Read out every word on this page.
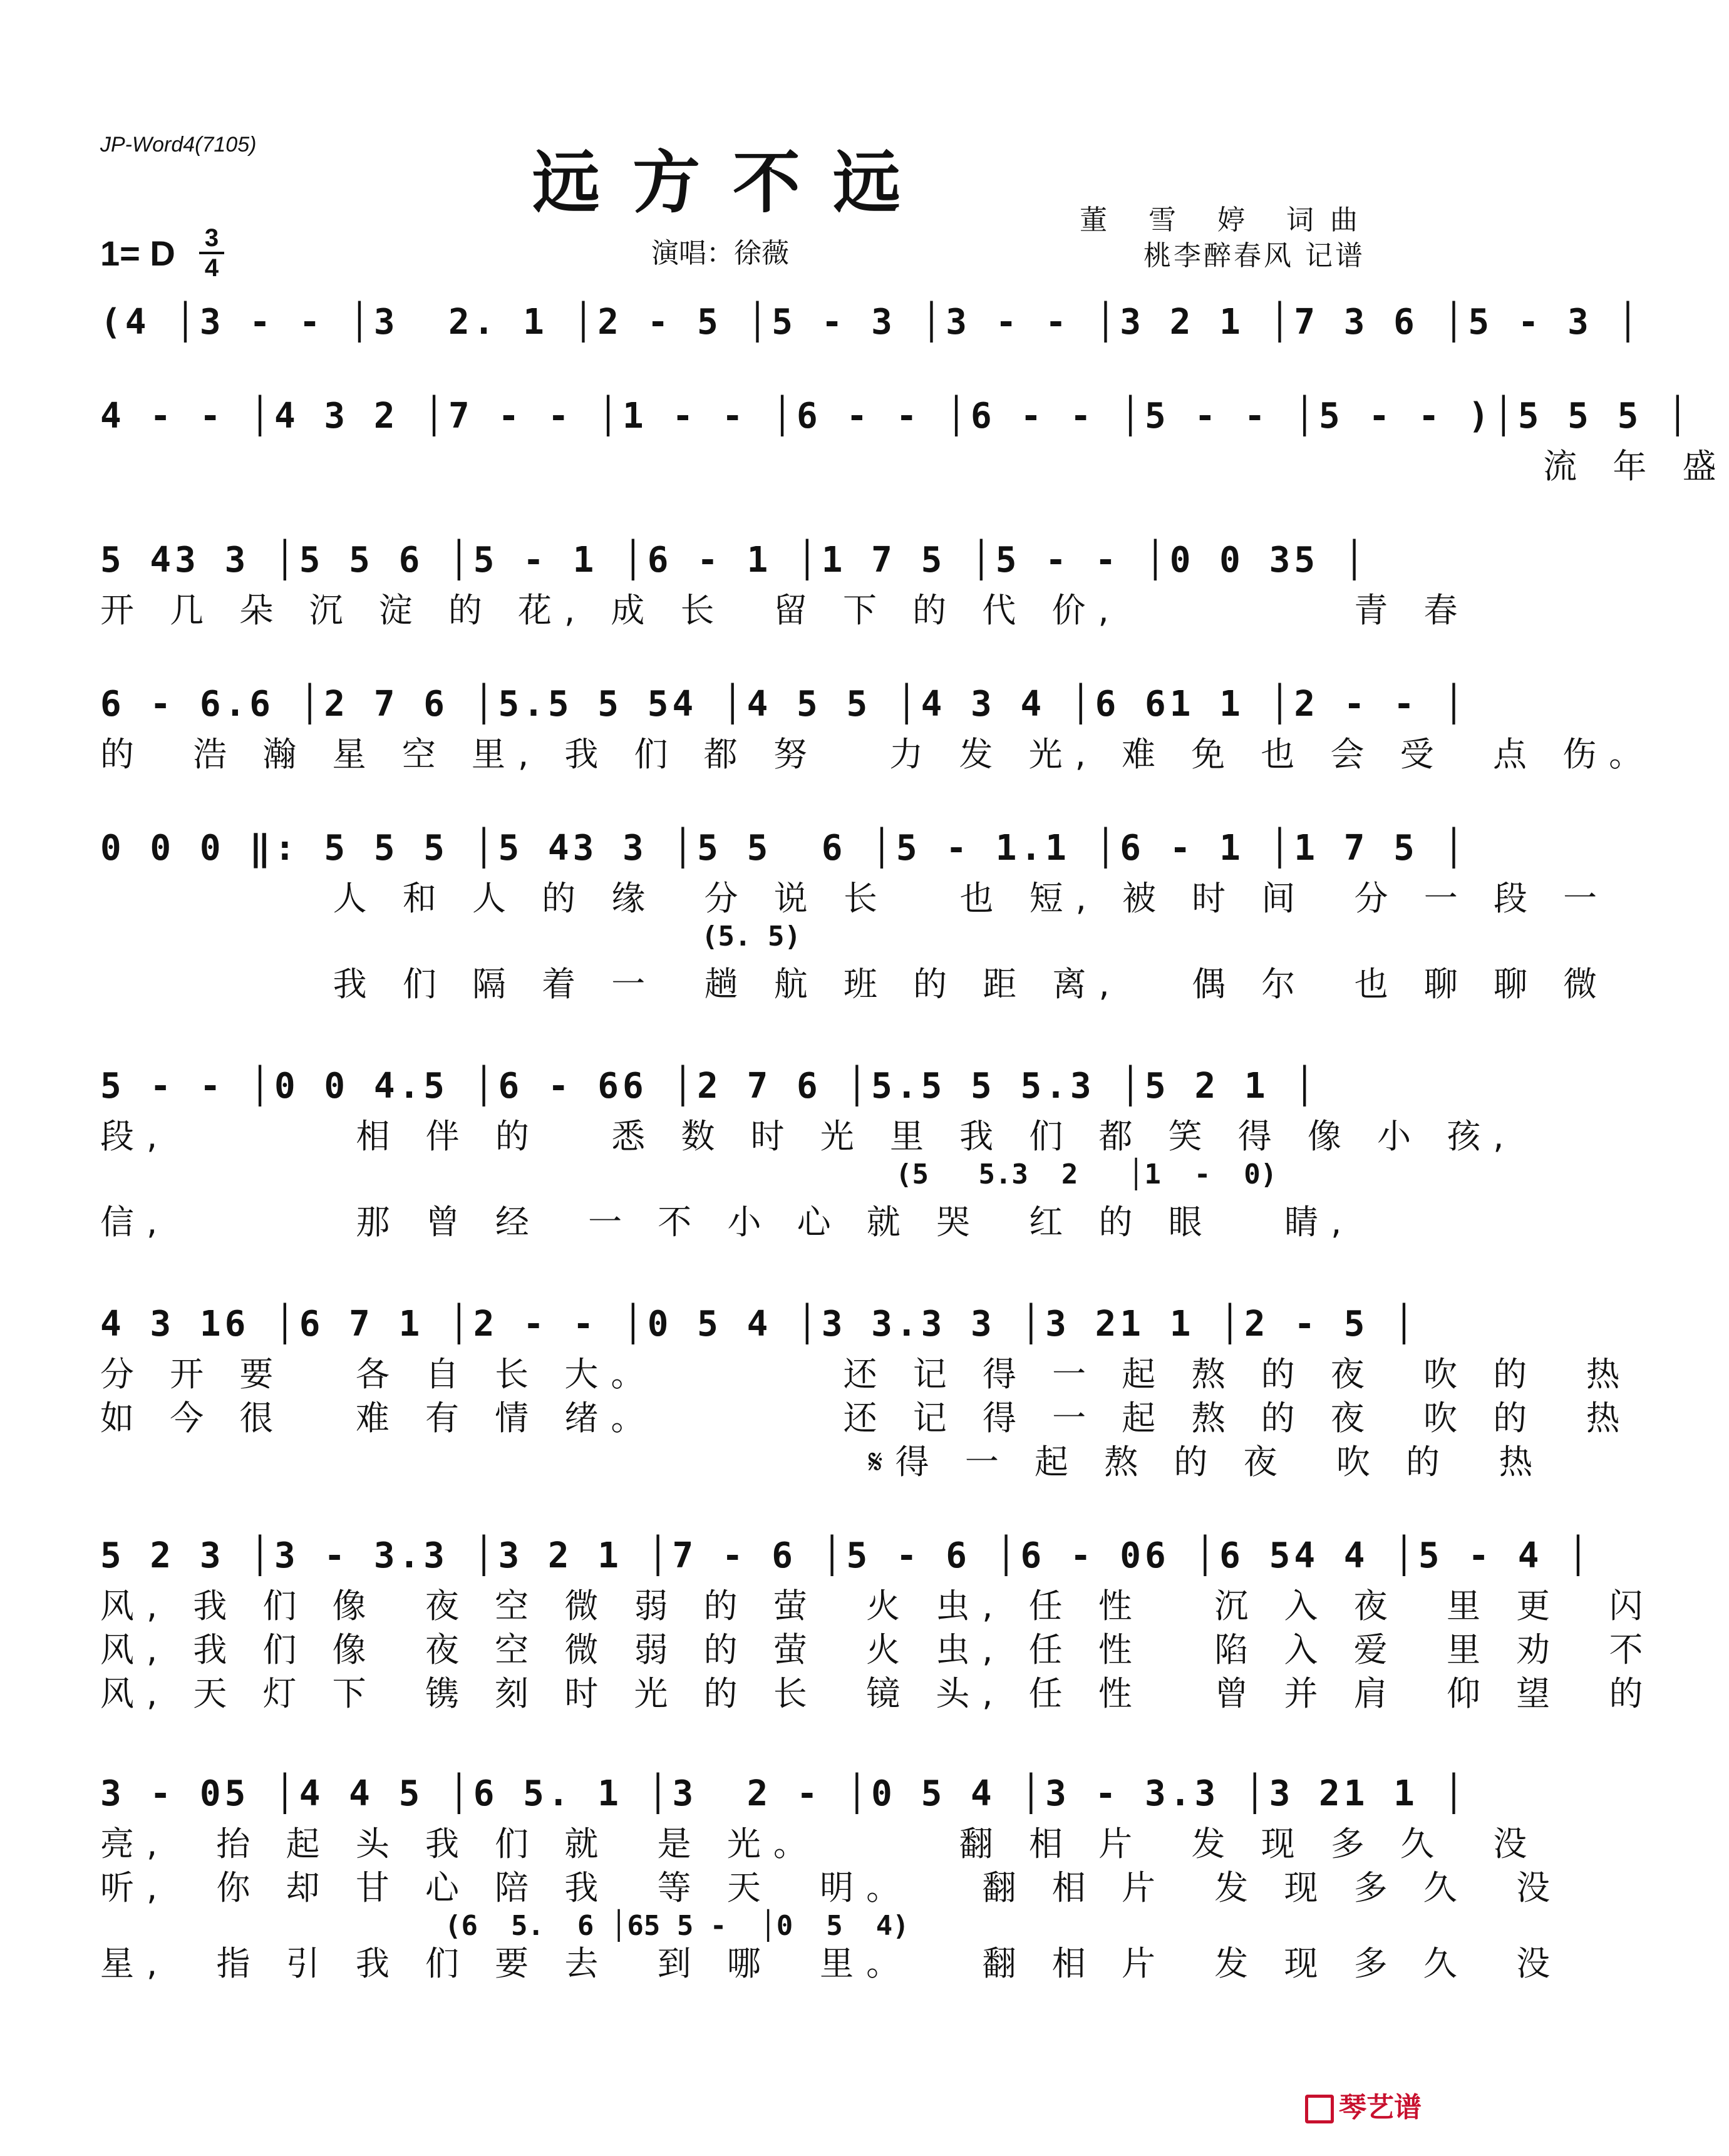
JP-Word4(7105)	远方不远	董 雪 婷 词曲
桃李醉春风 记谱
演唱：徐薇
1= D 3
4
(4 │3 - - │3  2. 1 │2 - 5 │5 - 3 │3 - - │3 2 1 │7 3 6 │5 - 3 │
4 - - │4 3 2 │7 - - │1 - - │6 - - │6 - - │5 - - │5 - - )│5 5 5 │
流 年 盛
5 43 3 │5 5 6 │5 - 1 │6 - 1 │1 7 5 │5 - - │0 0 35 │
开 几 朵 沉 淀 的 花, 成 长  留 下 的 代 价,          青 春
6 - 6.6 │2 7 6 │5.5 5 54 │4 5 5 │4 3 4 │6 61 1 │2 - - │
的  浩 瀚 星 空 里, 我 们 都 努   力 发 光, 难 免 也 会 受  点 伤。
0 0 0 ‖: 5 5 5 │5 43 3 │5 5  6 │5 - 1.1 │6 - 1 │1 7 5 │
人 和 人 的 缘  分 说 长   也 短, 被 时 间  分 一 段 一
(5. 5)
我 们 隔 着 一  趟 航 班 的 距 离,   偶 尔  也 聊 聊 微
5 - - │0 0 4.5 │6 - 66 │2 7 6 │5.5 5 5.3 │5 2 1 │
段,        相 伴 的   悉 数 时 光 里 我 们 都 笑 得 像 小 孩,
(5   5.3  2   │1  -  0)
信,        那 曾 经  一 不 小 心 就 哭  红 的 眼   睛,
4 3 16 │6 7 1 │2 - - │0 5 4 │3 3.3 3 │3 21 1 │2 - 5 │
分 开 要   各 自 长 大。        还 记 得 一 起 熬 的 夜  吹 的  热
如 今 很   难 有 情 绪。        还 记 得 一 起 熬 的 夜  吹 的  热
𝄋得 一 起 熬 的 夜  吹 的  热
5 2 3 │3 - 3.3 │3 2 1 │7 - 6 │5 - 6 │6 - 06 │6 54 4 │5 - 4 │
风, 我 们 像  夜 空 微 弱 的 萤  火 虫, 任 性   沉 入 夜  里 更  闪
风, 我 们 像  夜 空 微 弱 的 萤  火 虫, 任 性   陷 入 爱  里 劝  不
风, 天 灯 下  镌 刻 时 光 的 长  镜 头, 任 性   曾 并 肩  仰 望  的
3 - 05 │4 4 5 │6 5. 1 │3  2 - │0 5 4 │3 - 3.3 │3 21 1 │
亮,  抬 起 头 我 们 就  是 光。      翻 相 片  发 现 多 久  没
听,  你 却 甘 心 陪 我  等 天  明。   翻 相 片  发 现 多 久  没
(6  5.  6 │65 5 -  │0  5  4)
星,  指 引 我 们 要 去  到 哪  里。   翻 相 片  发 现 多 久  没
琴艺谱
